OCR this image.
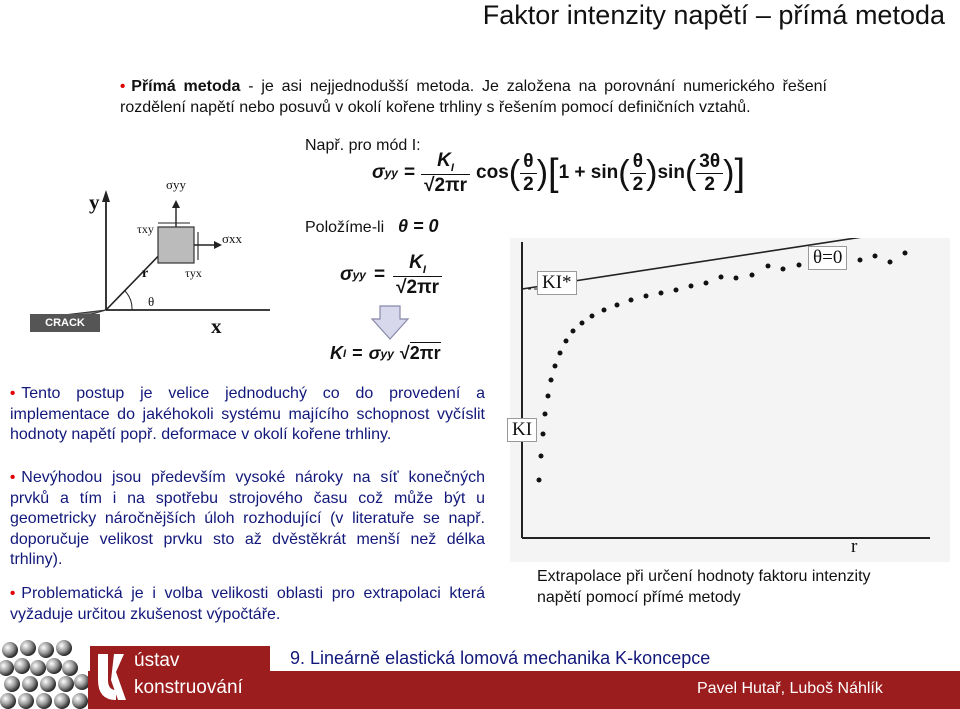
Faktor intenzity napětí – přímá metoda
• Přímá metoda - je asi nejjednodušší metoda. Je založena na porovnání numerického řešení rozdělení napětí nebo posuvů v okolí kořene trhliny s řešením pomocí definičních vztahů.
Např. pro mód I:
σ yy = $\frac{K_I}{√2\pi r}$ cos ( $\frac{\theta}{2}$ ) [ 1 + sin ( $\frac{\theta}{2}$ ) sin ( $\frac{3\theta}{2}$ ) ]
Položíme-li θ = 0
σ yy = $\frac{K_I}{√2\pi r}$
K I = σ yy √2πr
y
x
σyy
σxx
τxy
τyx
r
θ
CRACK
KI*
θ=0
KI
r
Extrapolace při určení hodnoty faktoru intenzity napětí pomocí přímé metody
• Tento postup je velice jednoduchý co do provedení a implementace do jakéhokoli systému majícího schopnost vyčíslit hodnoty napětí popř. deformace v okolí kořene trhliny.
• Nevýhodou jsou především vysoké nároky na síť konečných prvků a tím i na spotřebu strojového času což může být u geometricky náročnějších úloh rozhodující (v literatuře se např. doporučuje velikost prvku sto až dvěstěkrát menší než délka trhliny).
• Problematická je i volba velikosti oblasti pro extrapolaci která vyžaduje určitou zkušenost výpočtáře.
ústav
konstruování
9. Lineárně elastická lomová mechanika K-koncepce
Pavel Hutař, Luboš Náhlík
